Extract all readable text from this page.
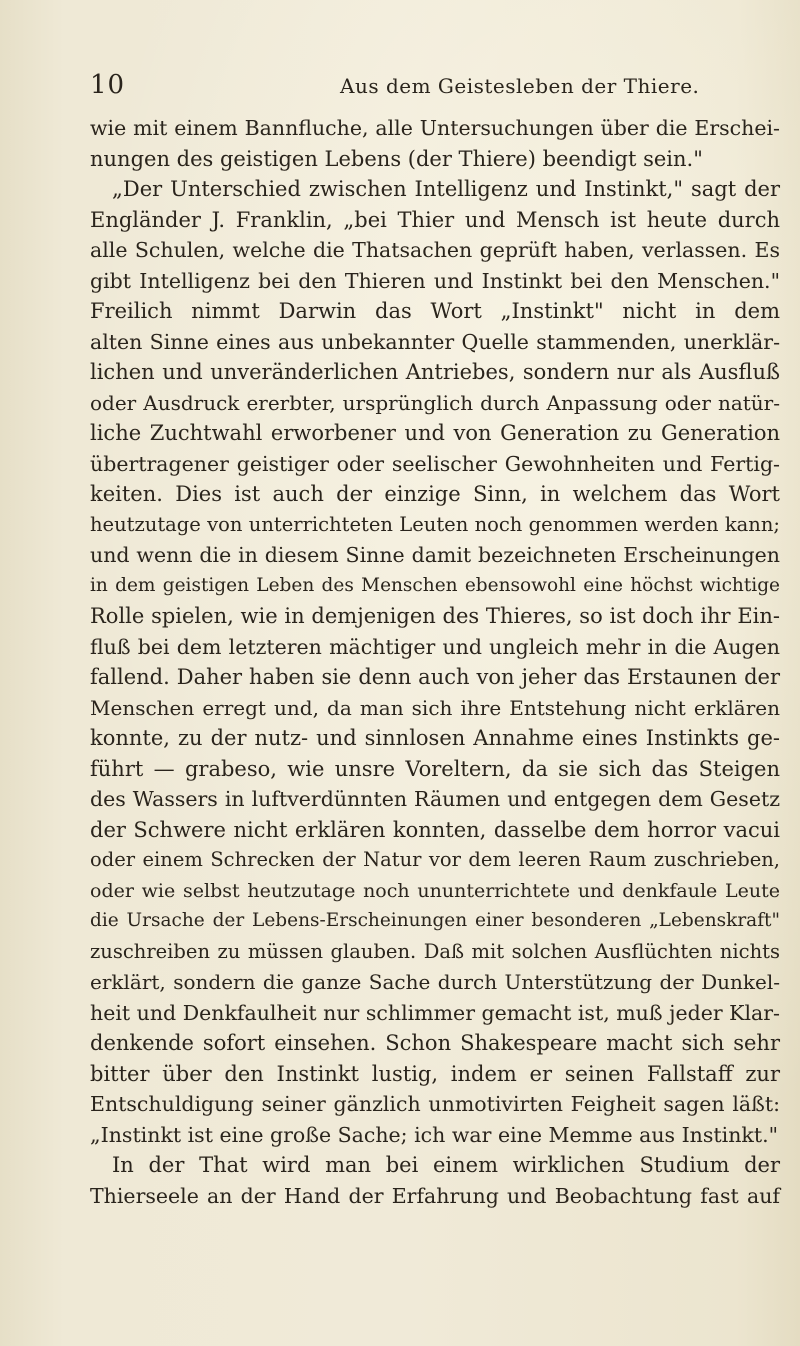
10	Aus dem Geistesleben der Thiere.
wie mit einem Bannfluche, alle Untersuchungen über die Erschei-
nungen des geistigen Lebens (der Thiere) beendigt sein."
„Der Unterschied zwischen Intelligenz und Instinkt," sagt der
Engländer J. Franklin, „bei Thier und Mensch ist heute durch
alle Schulen, welche die Thatsachen geprüft haben, verlassen. Es
gibt Intelligenz bei den Thieren und Instinkt bei den Menschen."
Freilich nimmt Darwin das Wort „Instinkt" nicht in dem
alten Sinne eines aus unbekannter Quelle stammenden, unerklär-
lichen und unveränderlichen Antriebes, sondern nur als Ausfluß
oder Ausdruck ererbter, ursprünglich durch Anpassung oder natür-
liche Zuchtwahl erworbener und von Generation zu Generation
übertragener geistiger oder seelischer Gewohnheiten und Fertig-
keiten. Dies ist auch der einzige Sinn, in welchem das Wort
heutzutage von unterrichteten Leuten noch genommen werden kann;
und wenn die in diesem Sinne damit bezeichneten Erscheinungen
in dem geistigen Leben des Menschen ebensowohl eine höchst wichtige
Rolle spielen, wie in demjenigen des Thieres, so ist doch ihr Ein-
fluß bei dem letzteren mächtiger und ungleich mehr in die Augen
fallend. Daher haben sie denn auch von jeher das Erstaunen der
Menschen erregt und, da man sich ihre Entstehung nicht erklären
konnte, zu der nutz- und sinnlosen Annahme eines Instinkts ge-
führt — grabeso, wie unsre Voreltern, da sie sich das Steigen
des Wassers in luftverdünnten Räumen und entgegen dem Gesetz
der Schwere nicht erklären konnten, dasselbe dem horror vacui
oder einem Schrecken der Natur vor dem leeren Raum zuschrieben,
oder wie selbst heutzutage noch ununterrichtete und denkfaule Leute
die Ursache der Lebens-Erscheinungen einer besonderen „Lebenskraft"
zuschreiben zu müssen glauben. Daß mit solchen Ausflüchten nichts
erklärt, sondern die ganze Sache durch Unterstützung der Dunkel-
heit und Denkfaulheit nur schlimmer gemacht ist, muß jeder Klar-
denkende sofort einsehen. Schon Shakespeare macht sich sehr
bitter über den Instinkt lustig, indem er seinen Fallstaff zur
Entschuldigung seiner gänzlich unmotivirten Feigheit sagen läßt:
„Instinkt ist eine große Sache; ich war eine Memme aus Instinkt."
In der That wird man bei einem wirklichen Studium der
Thierseele an der Hand der Erfahrung und Beobachtung fast auf
